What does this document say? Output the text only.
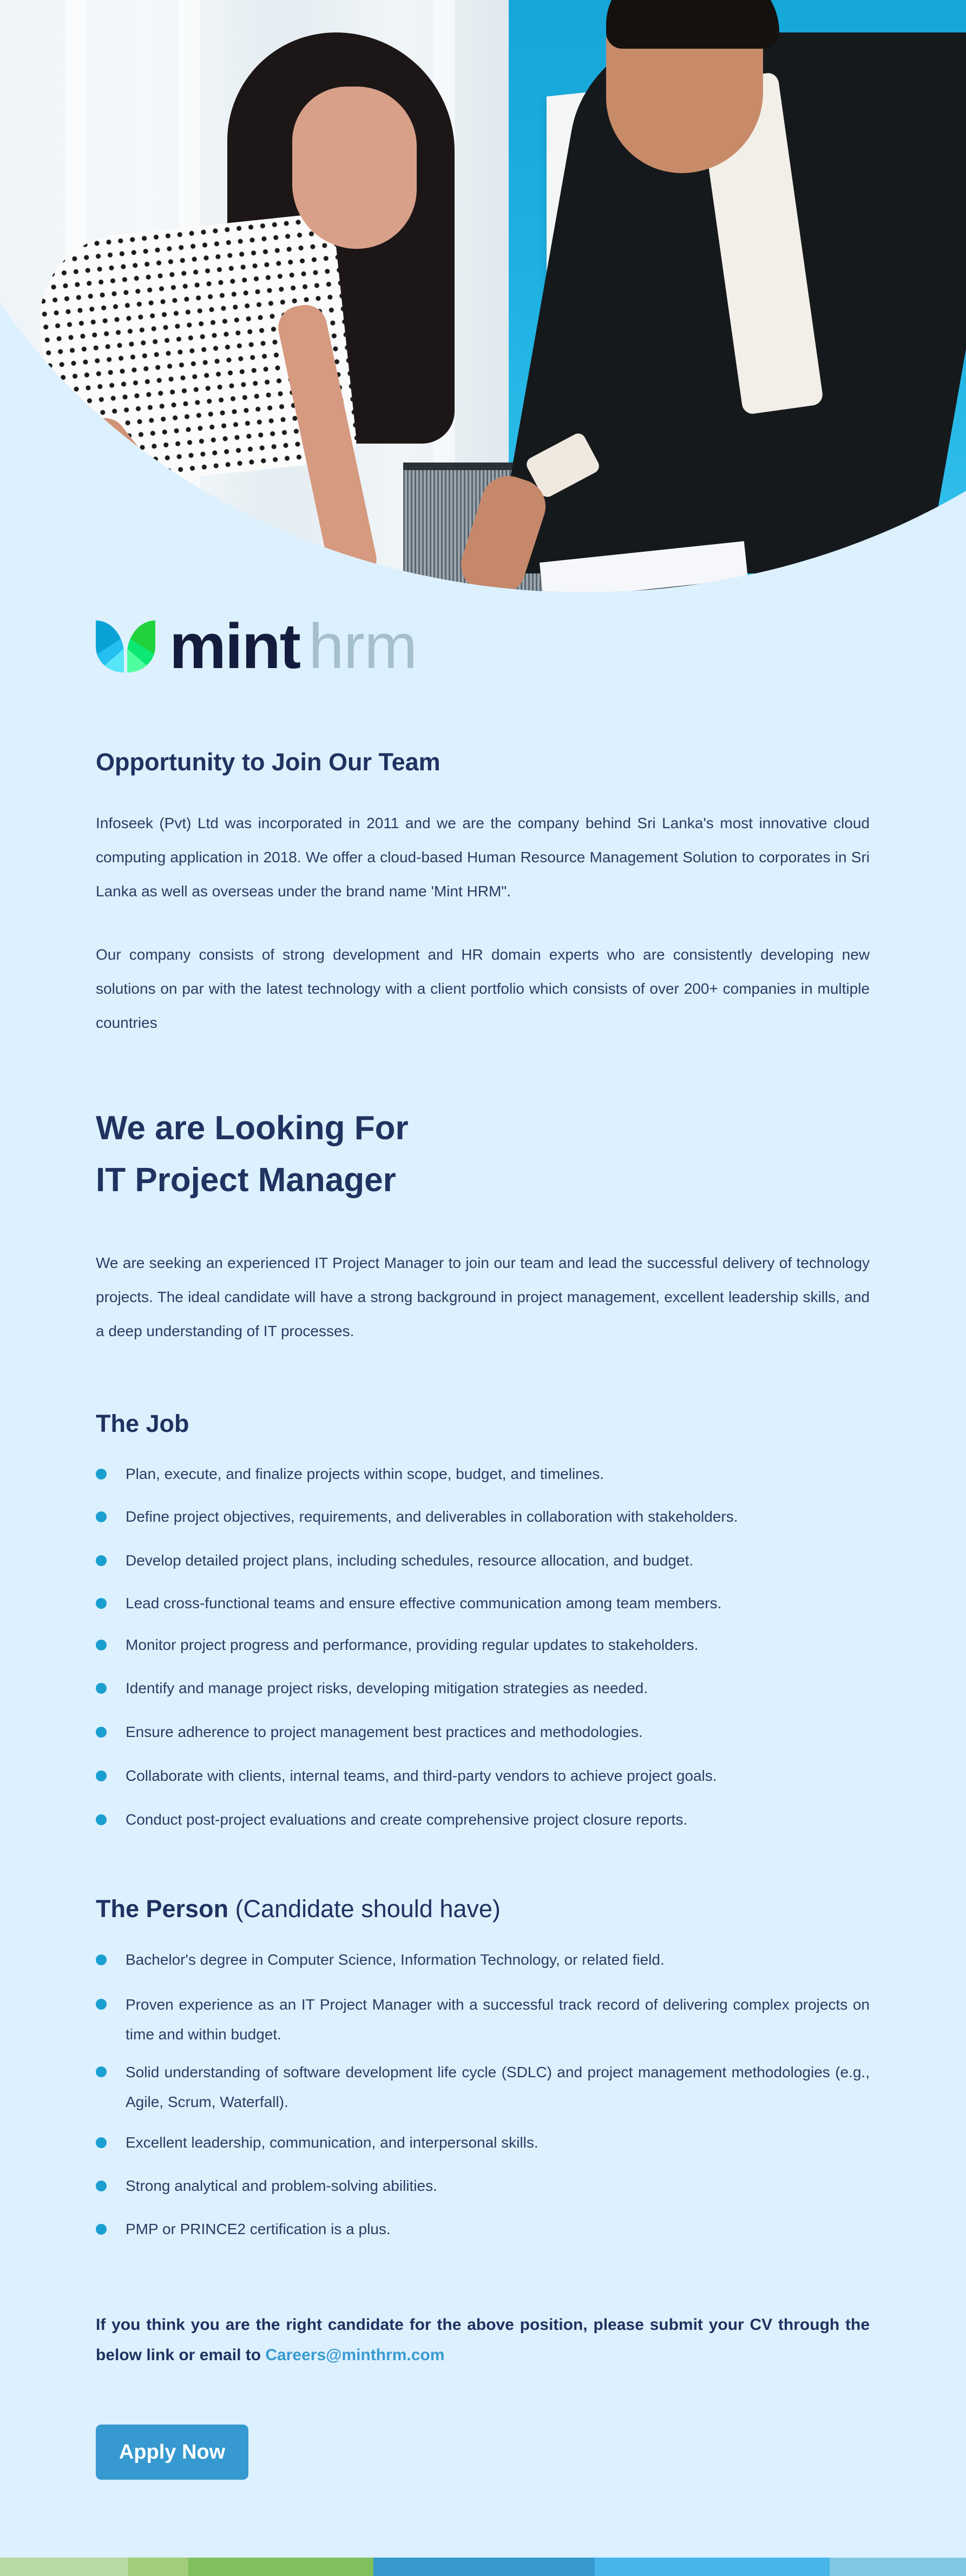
mint hrm
Opportunity to Join Our Team

Infoseek (Pvt) Ltd was incorporated in 2011 and we are the company behind Sri Lanka's most innovative cloud computing application in 2018. We offer a cloud-based Human Resource Management Solution to corporates in Sri Lanka as well as overseas under the brand name 'Mint HRM".

Our company consists of strong development and HR domain experts who are consistently developing new solutions on par with the latest technology with a client portfolio which consists of over 200+ companies in multiple countries

We are Looking For
IT Project Manager

We are seeking an experienced IT Project Manager to join our team and lead the successful delivery of technology projects. The ideal candidate will have a strong background in project management, excellent leadership skills, and a deep understanding of IT processes.

The Job
Plan, execute, and finalize projects within scope, budget, and timelines.
Define project objectives, requirements, and deliverables in collaboration with stakeholders.
Develop detailed project plans, including schedules, resource allocation, and budget.
Lead cross-functional teams and ensure effective communication among team members.
Monitor project progress and performance, providing regular updates to stakeholders.
Identify and manage project risks, developing mitigation strategies as needed.
Ensure adherence to project management best practices and methodologies.
Collaborate with clients, internal teams, and third-party vendors to achieve project goals.
Conduct post-project evaluations and create comprehensive project closure reports.
The Person (Candidate should have)
Bachelor's degree in Computer Science, Information Technology, or related field.
Proven experience as an IT Project Manager with a successful track record of delivering complex projects on time and within budget.
Solid understanding of software development life cycle (SDLC) and project management methodologies (e.g., Agile, Scrum, Waterfall).
Excellent leadership, communication, and interpersonal skills.
Strong analytical and problem-solving abilities.
PMP or PRINCE2 certification is a plus.

If you think you are the right candidate for the above position, please submit your CV through the below link or email to Careers@minthrm.com

Apply Now
